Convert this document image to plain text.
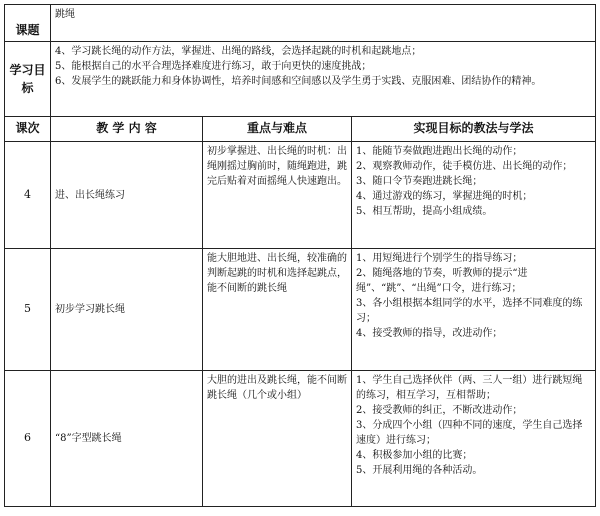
课题	跳绳		
学习目
标	4、学习跳长绳的动作方法，掌握进、出绳的路线，会选择起跳的时机和起跳地点；
5、能根据自己的水平合理选择难度进行练习，敢于向更快的速度挑战；
6、发展学生的跳跃能力和身体协调性，培养时间感和空间感以及学生勇于实践、克服困难、团结协作的精神。		

课次	教 学 内 容	重点与难点	实现目标的教法与学法
4	进、出长绳练习	初步掌握进、出长绳的时机：出绳刚摇过胸前时，随绳跑进，跳完后贴着对面摇绳人快速跑出。	1、能随节奏做跑进跑出长绳的动作；
2、观察教师动作，徒手模仿进、出长绳的动作；
3、随口令节奏跑进跳长绳；
4、通过游戏的练习，掌握进绳的时机；
5、相互帮助，提高小组成绩。

5	初步学习跳长绳	能大胆地进、出长绳，较准确的判断起跳的时机和选择起跳点，能不间断的跳长绳	1、用短绳进行个别学生的指导练习；
2、随绳落地的节奏，听教师的提示“进绳”、“跳”、“出绳”口令，进行练习；
3、各小组根据本组同学的水平，选择不同难度的练习；
4、接受教师的指导，改进动作；

6	“8”字型跳长绳	大胆的进出及跳长绳，能不间断跳长绳（几个或小组）	1、学生自己选择伙伴（两、三人一组）进行跳短绳的练习，相互学习，互相帮助；
2、接受教师的纠正，不断改进动作；
3、分成四个小组（四种不同的速度，学生自己选择速度）进行练习；
4、积极参加小组的比赛；
5、开展利用绳的各种活动。
